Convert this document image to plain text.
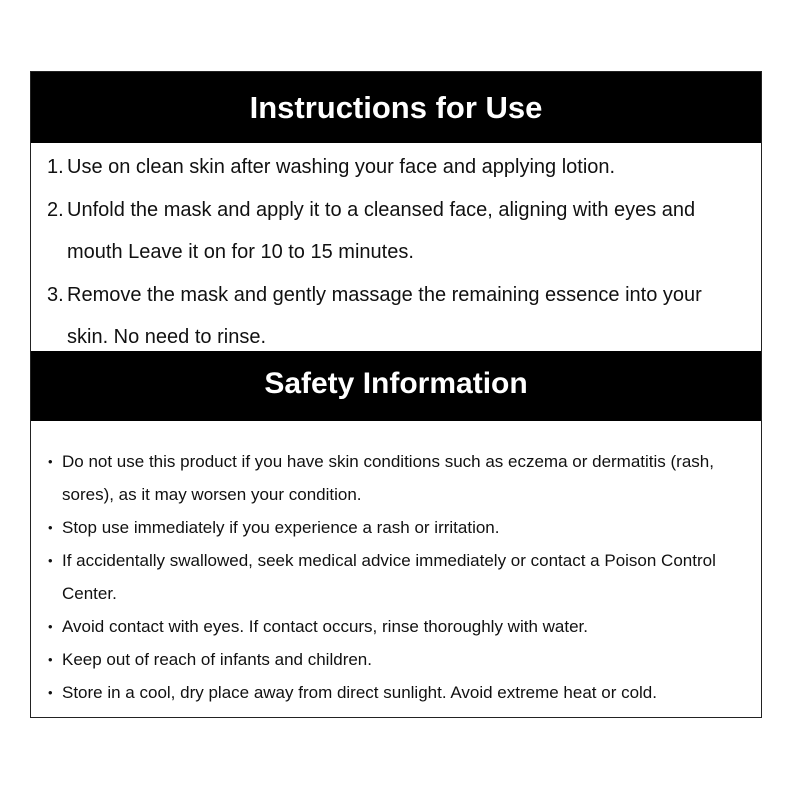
Instructions for Use
1. Use on clean skin after washing your face and applying lotion.
2. Unfold the mask and apply it to a cleansed face, aligning with eyes and mouth Leave it on for 10 to 15 minutes.
3. Remove the mask and gently massage the remaining essence into your skin. No need to rinse.
Safety Information
• Do not use this product if you have skin conditions such as eczema or dermatitis (rash, sores), as it may worsen your condition.
• Stop use immediately if you experience a rash or irritation.
• If accidentally swallowed, seek medical advice immediately or contact a Poison Control Center.
• Avoid contact with eyes. If contact occurs, rinse thoroughly with water.
• Keep out of reach of infants and children.
• Store in a cool, dry place away from direct sunlight. Avoid extreme heat or cold.
